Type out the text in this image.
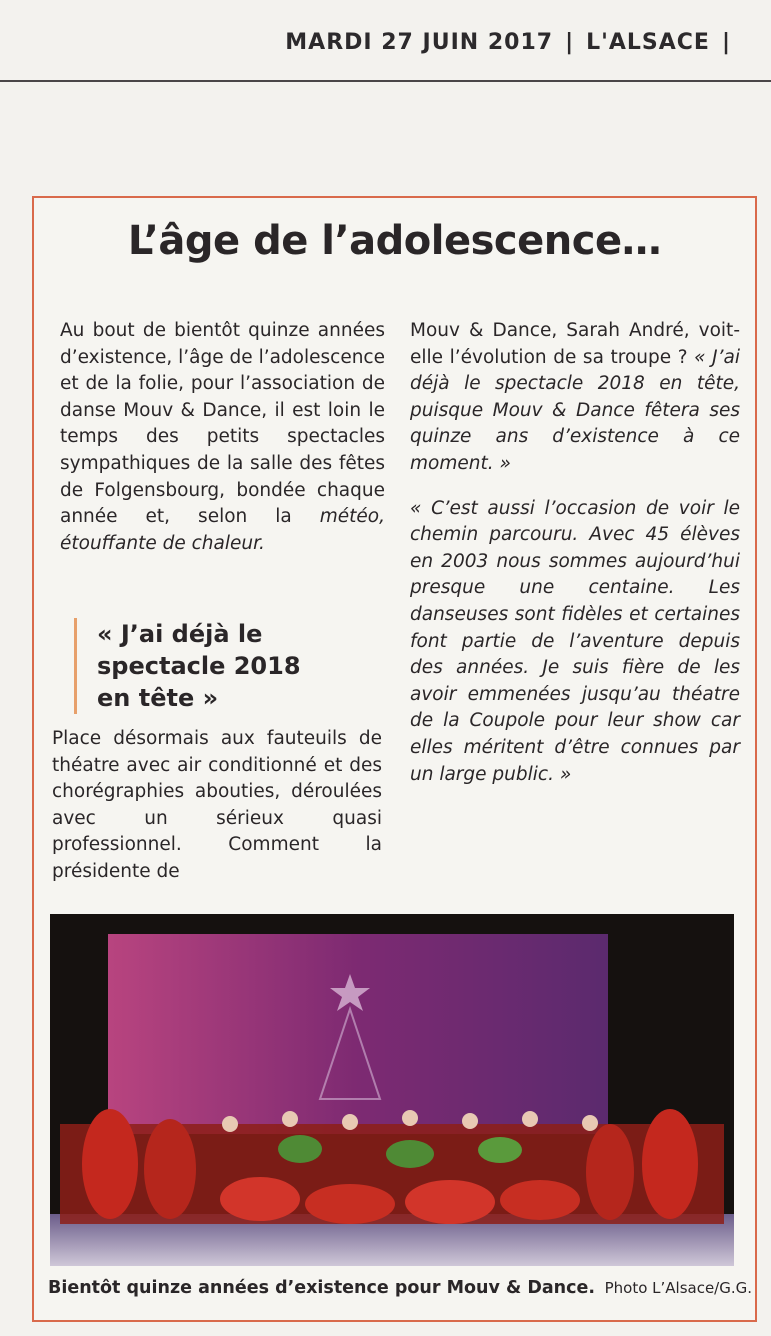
MARDI 27 JUIN 2017 | L'ALSACE |
L’âge de l’adolescence…

Au bout de bientôt quinze années d’existence, l’âge de l’adolescence et de la folie, pour l’association de danse Mouv & Dance, il est loin le temps des petits spectacles sympathiques de la salle des fêtes de Folgensbourg, bondée chaque année et, selon la météo, étouffante de chaleur.

« J’ai déjà le spectacle 2018 en tête »

Place désormais aux fauteuils de théatre avec air conditionné et des chorégraphies abouties, déroulées avec un sérieux quasi professionnel. Comment la présidente de

Mouv & Dance, Sarah André, voit-elle l’évolution de sa troupe ? « J’ai déjà le spectacle 2018 en tête, puisque Mouv & Dance fêtera ses quinze ans d’existence à ce moment. »

« C’est aussi l’occasion de voir le chemin parcouru. Avec 45 élèves en 2003 nous sommes aujourd’hui presque une centaine. Les danseuses sont fidèles et certaines font partie de l’aventure depuis des années. Je suis fière de les avoir emmenées jusqu’au théatre de la Coupole pour leur show car elles méritent d’être connues par un large public. »

Bientôt quinze années d’existence pour Mouv & Dance. Photo L’Alsace/G.G.
